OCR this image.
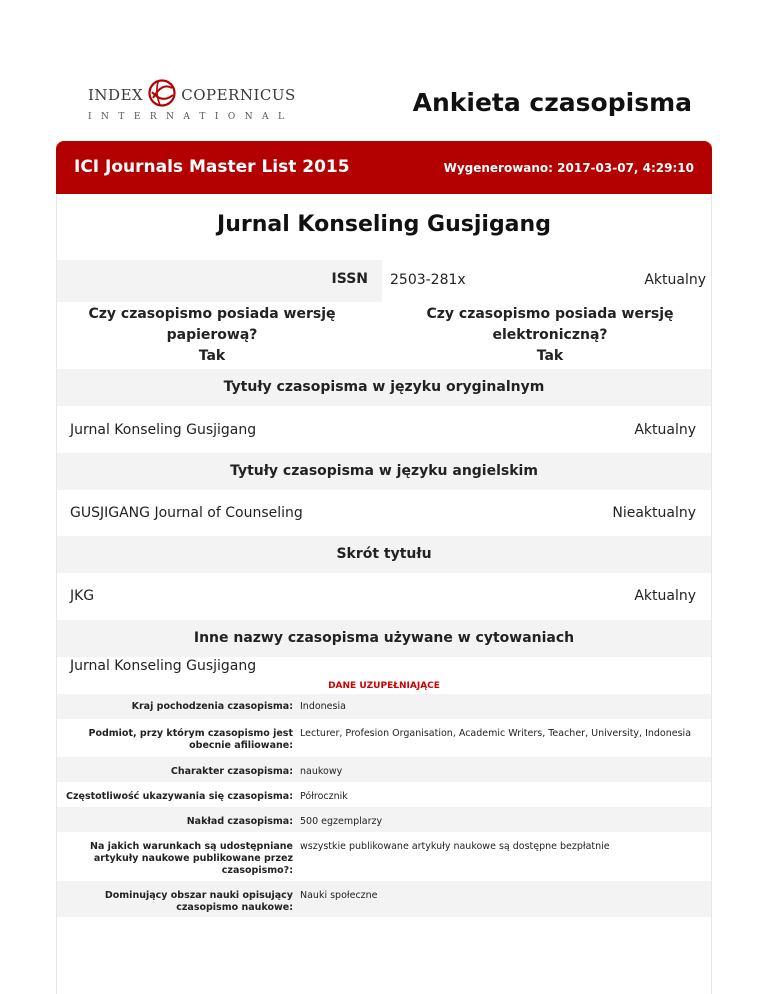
INDEX	COPERNICUS
I N T E R N A T I O N A L	Ankieta czasopisma
ICI Journals Master List 2015	Wygenerowano: 2017-03-07, 4:29:10
Jurnal Konseling Gusjigang
ISSN 2503-281x	Aktualny
Czy czasopismo posiada wersję papierową?
Tak
Czy czasopismo posiada wersję elektroniczną?
Tak
Tytuły czasopisma w języku oryginalnym
Jurnal Konseling Gusjigang	Aktualny
Tytuły czasopisma w języku angielskim
GUSJIGANG Journal of Counseling	Nieaktualny
Skrót tytułu
JKG	Aktualny
Inne nazwy czasopisma używane w cytowaniach
Jurnal Konseling Gusjigang
DANE UZUPEŁNIAJĄCE
Kraj pochodzenia czasopisma: Indonesia
Podmiot, przy którym czasopismo jest obecnie afiliowane:
Lecturer, Profesion Organisation, Academic Writers, Teacher, University, Indonesia
Charakter czasopisma: naukowy
Częstotliwość ukazywania się czasopisma: Półrocznik
Nakład czasopisma: 500 egzemplarzy
Na jakich warunkach są udostępniane artykuły naukowe publikowane przez czasopismo?:
wszystkie publikowane artykuły naukowe są dostępne bezpłatnie
Dominujący obszar nauki opisujący czasopismo naukowe:
Nauki społeczne
